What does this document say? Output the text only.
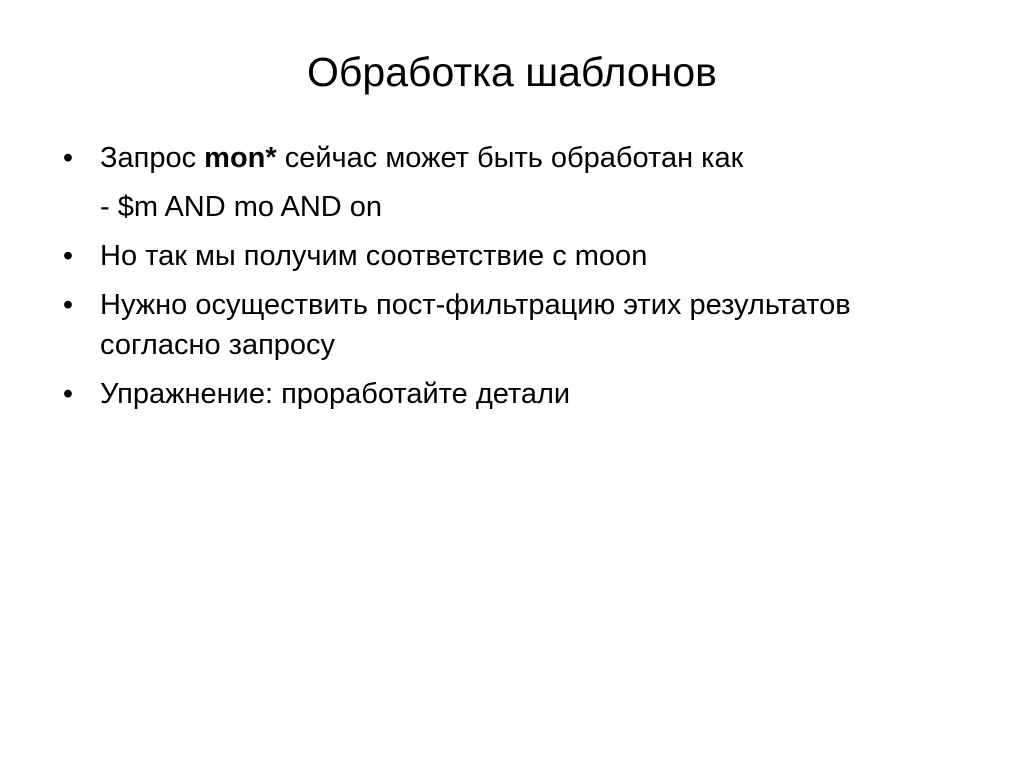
Обработка шаблонов
• Запрос mon* сейчас может быть обработан как
- $m AND mo AND on
• Но так мы получим соответствие с moon
• Нужно осуществить пост-фильтрацию этих результатов согласно запросу
• Упражнение: проработайте детали
